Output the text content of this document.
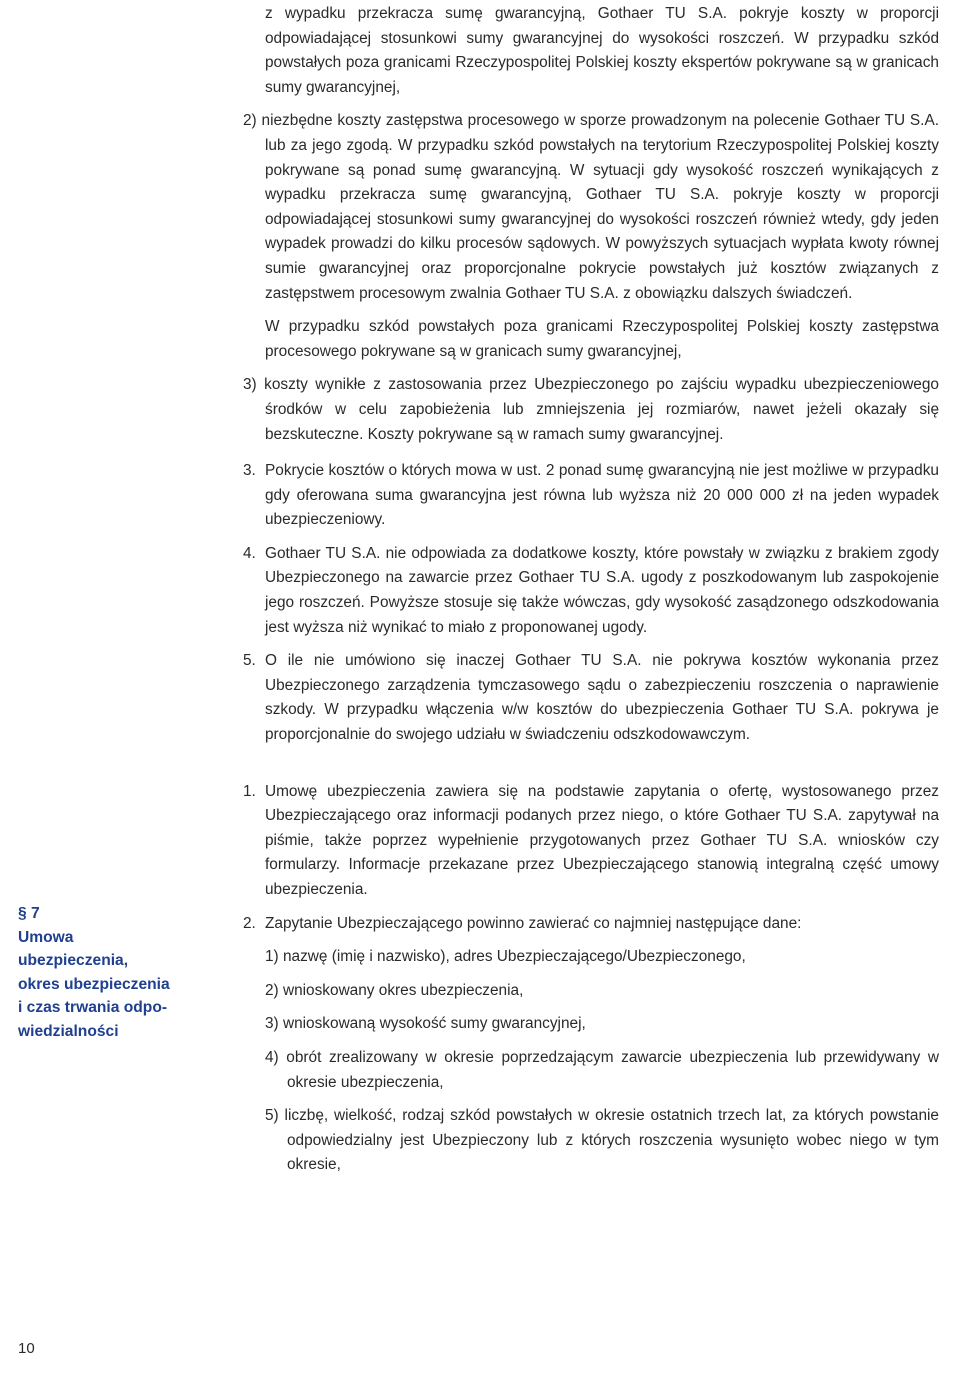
z wypadku przekracza sumę gwarancyjną, Gothaer TU S.A. pokryje koszty w proporcji odpowiadającej stosunkowi sumy gwarancyjnej do wysokości roszczeń. W przypadku szkód powstałych poza granicami Rzeczypospolitej Polskiej koszty ekspertów pokrywane są w granicach sumy gwarancyjnej,

2) niezbędne koszty zastępstwa procesowego w sporze prowadzonym na polecenie Gothaer TU S.A. lub za jego zgodą. W przypadku szkód powstałych na terytorium Rzeczypospolitej Polskiej koszty pokrywane są ponad sumę gwarancyjną. W sytuacji gdy wysokość roszczeń wynikających z wypadku przekracza sumę gwarancyjną, Gothaer TU S.A. pokryje koszty w proporcji odpowiadającej stosunkowi sumy gwarancyjnej do wysokości roszczeń również wtedy, gdy jeden wypadek prowadzi do kilku procesów sądowych. W powyższych sytuacjach wypłata kwoty równej sumie gwarancyjnej oraz proporcjonalne pokrycie powstałych już kosztów związanych z zastępstwem procesowym zwalnia Gothaer TU S.A. z obowiązku dalszych świadczeń.

W przypadku szkód powstałych poza granicami Rzeczypospolitej Polskiej koszty zastępstwa procesowego pokrywane są w granicach sumy gwarancyjnej,

3) koszty wynikłe z zastosowania przez Ubezpieczonego po zajściu wypadku ubezpieczeniowego środków w celu zapobieżenia lub zmniejszenia jej rozmiarów, nawet jeżeli okazały się bezskuteczne. Koszty pokrywane są w ramach sumy gwarancyjnej.

3. Pokrycie kosztów o których mowa w ust. 2 ponad sumę gwarancyjną nie jest możliwe w przypadku gdy oferowana suma gwarancyjna jest równa lub wyższa niż 20 000 000 zł na jeden wypadek ubezpieczeniowy.
4. Gothaer TU S.A. nie odpowiada za dodatkowe koszty, które powstały w związku z brakiem zgody Ubezpieczonego na zawarcie przez Gothaer TU S.A. ugody z poszkodowanym lub zaspokojenie jego roszczeń. Powyższe stosuje się także wówczas, gdy wysokość zasądzonego odszkodowania jest wyższa niż wynikać to miało z proponowanej ugody.
5. O ile nie umówiono się inaczej Gothaer TU S.A. nie pokrywa kosztów wykonania przez Ubezpieczonego zarządzenia tymczasowego sądu o zabezpieczeniu roszczenia o naprawienie szkody. W przypadku włączenia w/w kosztów do ubezpieczenia Gothaer TU S.A. pokrywa je proporcjonalnie do swojego udziału w świadczeniu odszkodowawczym.
1. Umowę ubezpieczenia zawiera się na podstawie zapytania o ofertę, wystosowanego przez Ubezpieczającego oraz informacji podanych przez niego, o które Gothaer TU S.A. zapytywał na piśmie, także poprzez wypełnienie przygotowanych przez Gothaer TU S.A. wniosków czy formularzy. Informacje przekazane przez Ubezpieczającego stanowią integralną część umowy ubezpieczenia.
2. Zapytanie Ubezpieczającego powinno zawierać co najmniej następujące dane:

1) nazwę (imię i nazwisko), adres Ubezpieczającego/Ubezpieczonego,

2) wnioskowany okres ubezpieczenia,

3) wnioskowaną wysokość sumy gwarancyjnej,

4) obrót zrealizowany w okresie poprzedzającym zawarcie ubezpieczenia lub przewidywany w okresie ubezpieczenia,

5) liczbę, wielkość, rodzaj szkód powstałych w okresie ostatnich trzech lat, za których powstanie odpowiedzialny jest Ubezpieczony lub z których roszczenia wysunięto wobec niego w tym okresie,

§ 7
Umowa
ubezpieczenia,
okres ubezpieczenia
i czas trwania odpo-
wiedzialności
10
